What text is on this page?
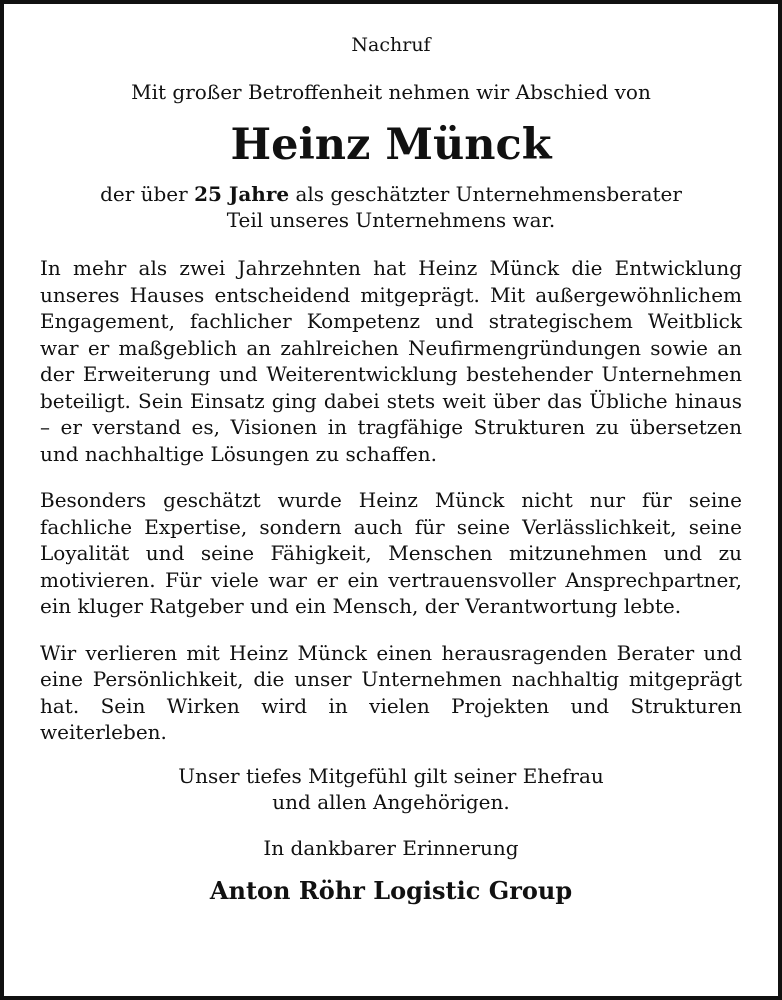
Nachruf

Mit großer Betroffenheit nehmen wir Abschied von

Heinz Münck

der über 25 Jahre als geschätzter Unternehmensberater
Teil unseres Unternehmens war.

In mehr als zwei Jahrzehnten hat Heinz Münck die Entwicklung unseres Hauses entscheidend mitgeprägt. Mit außergewöhnlichem Engagement, fachlicher Kompetenz und strategischem Weitblick war er maßgeblich an zahlreichen Neufirmengründungen sowie an der Erweiterung und Weiterentwicklung bestehender Unternehmen beteiligt. Sein Einsatz ging dabei stets weit über das Übliche hinaus – er verstand es, Visionen in tragfähige Strukturen zu übersetzen und nachhaltige Lösungen zu schaffen.

Besonders geschätzt wurde Heinz Münck nicht nur für seine fachliche Expertise, sondern auch für seine Verlässlichkeit, seine Loyalität und seine Fähigkeit, Menschen mitzunehmen und zu motivieren. Für viele war er ein vertrauensvoller Ansprechpartner, ein kluger Ratgeber und ein Mensch, der Verantwortung lebte.

Wir verlieren mit Heinz Münck einen herausragenden Berater und eine Persönlichkeit, die unser Unternehmen nachhaltig mitgeprägt hat. Sein Wirken wird in vielen Projekten und Strukturen weiterleben.

Unser tiefes Mitgefühl gilt seiner Ehefrau
und allen Angehörigen.

In dankbarer Erinnerung

Anton Röhr Logistic Group
